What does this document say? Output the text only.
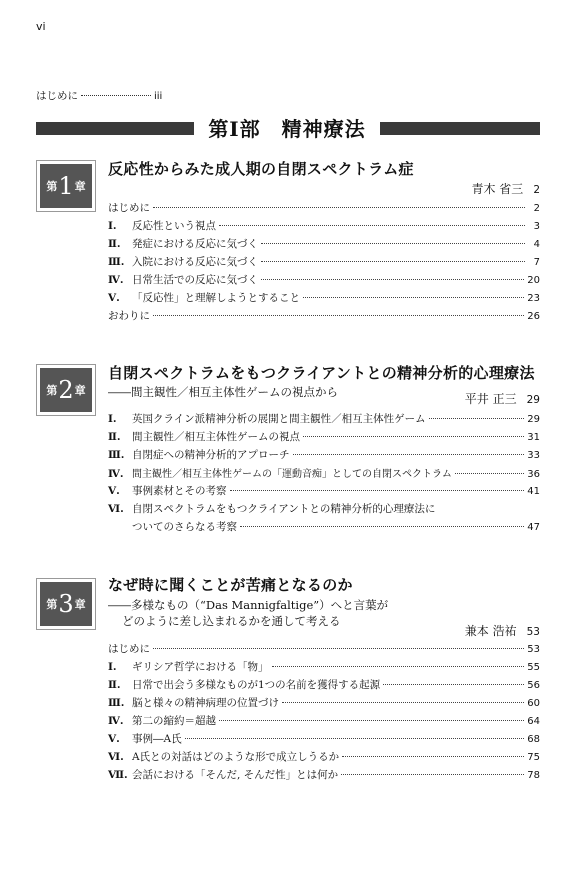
vi
はじめに	iii
第Ⅰ部　精神療法
第 1 章
反応性からみた成人期の自閉スペクトラム症
青木 省三 2
はじめに	2
Ⅰ.	反応性という視点	3
Ⅱ.	発症における反応に気づく	4
Ⅲ. 入院における反応に気づく	7
Ⅳ. 日常生活での反応に気づく	20
Ⅴ.	「反応性」と理解しようとすること	23
おわりに	26
第 2 章
自閉スペクトラムをもつクライアントとの精神分析的心理療法
――間主観性／相互主体性ゲームの視点から	平井 正三 29
Ⅰ.	英国クライン派精神分析の展開と間主観性／相互主体性ゲーム	29
Ⅱ.	間主観性／相互主体性ゲームの視点	31
Ⅲ. 自閉症への精神分析的アプローチ	33
Ⅳ. 間主観性／相互主体性ゲームの「運動音痴」としての自閉スペクトラム	36
Ⅴ.	事例素材とその考察	41
Ⅵ. 自閉スペクトラムをもつクライアントとの精神分析的心理療法に
ついてのさらなる考察	47
第 3 章
なぜ時に聞くことが苦痛となるのか
――多様なもの（“Das Mannigfaltige”）へと言葉が
どのように差し込まれるかを通して考える
兼本 浩祐 53
はじめに	53
Ⅰ.	ギリシア哲学における「物」	55
Ⅱ.	日常で出会う多様なものが1つの名前を獲得する起源	56
Ⅲ. 脳と様々の精神病理の位置づけ	60
Ⅳ. 第二の縮約＝超越	64
Ⅴ.	事例―A氏	68
Ⅵ. A氏との対話はどのような形で成立しうるか	75
Ⅶ. 会話における「そんだ, そんだ性」とは何か	78
